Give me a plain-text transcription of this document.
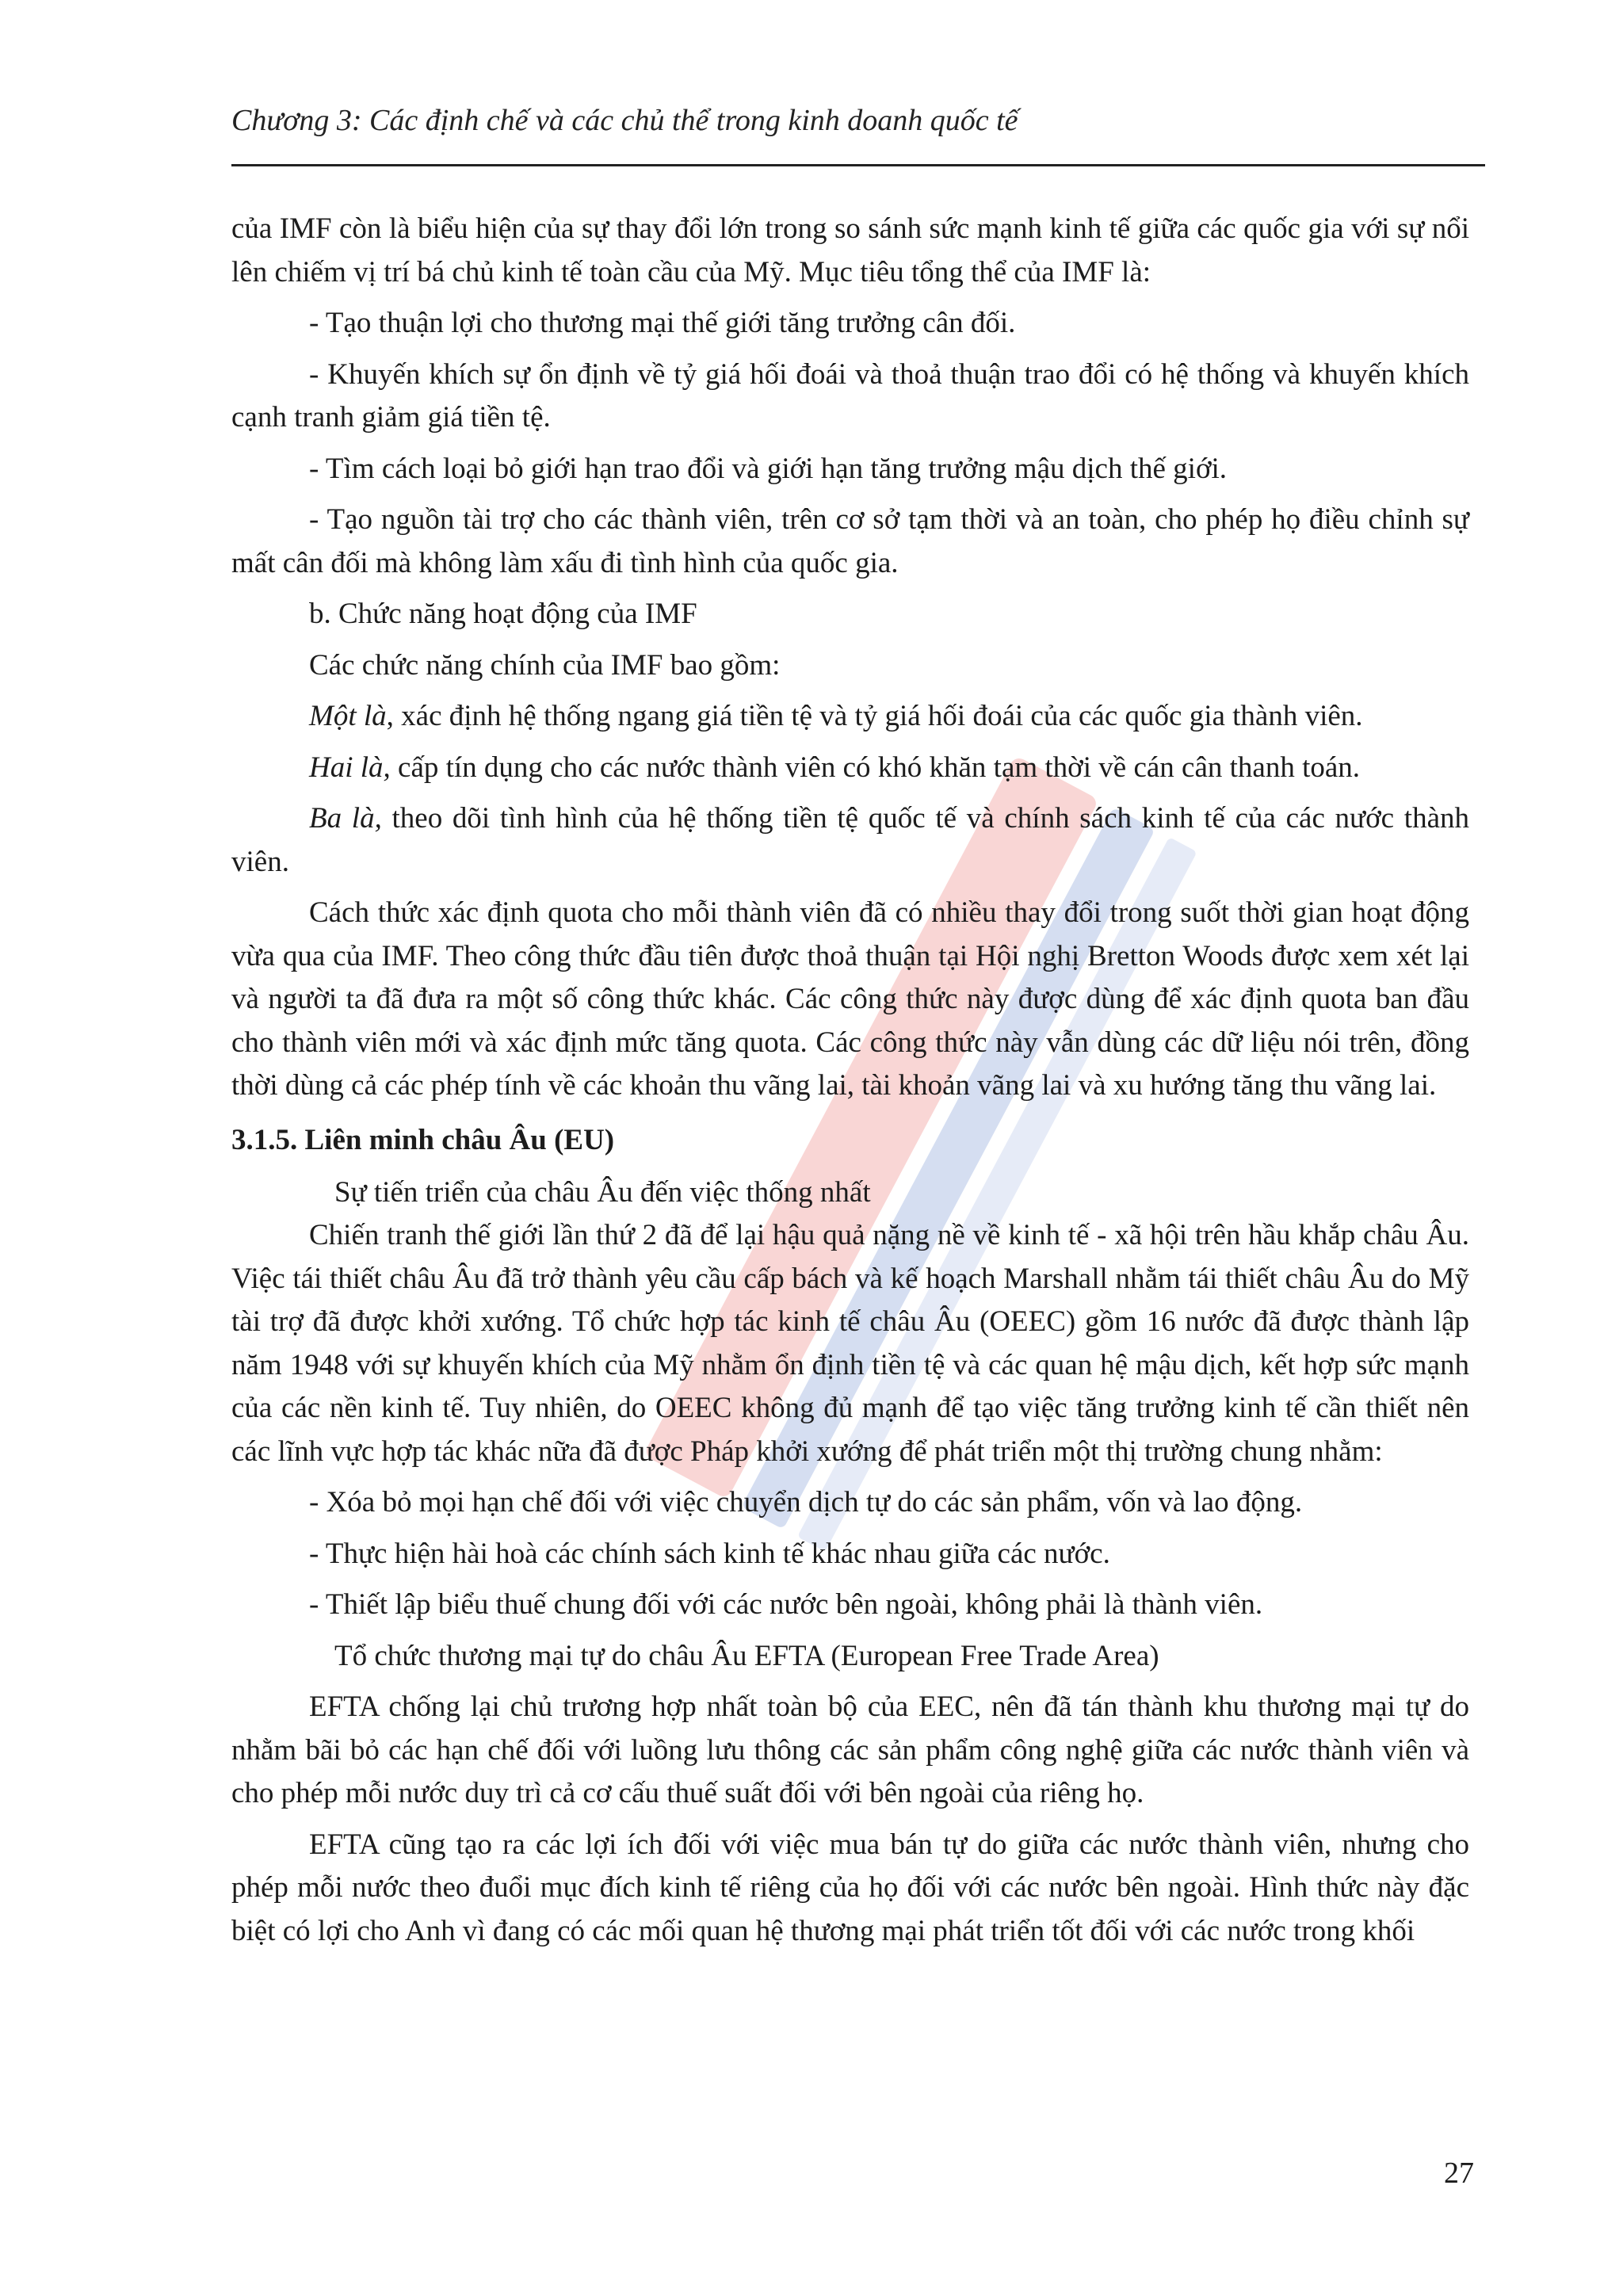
Chương 3: Các định chế và các chủ thể trong kinh doanh quốc tế

của IMF còn là biểu hiện của sự thay đổi lớn trong so sánh sức mạnh kinh tế giữa các quốc gia với sự nổi lên chiếm vị trí bá chủ kinh tế toàn cầu của Mỹ. Mục tiêu tổng thể của IMF là:

- Tạo thuận lợi cho thương mại thế giới tăng trưởng cân đối.

- Khuyến khích sự ổn định về tỷ giá hối đoái và thoả thuận trao đổi có hệ thống và khuyến khích cạnh tranh giảm giá tiền tệ.

- Tìm cách loại bỏ giới hạn trao đổi và giới hạn tăng trưởng mậu dịch thế giới.

- Tạo nguồn tài trợ cho các thành viên, trên cơ sở tạm thời và an toàn, cho phép họ điều chỉnh sự mất cân đối mà không làm xấu đi tình hình của quốc gia.

b. Chức năng hoạt động của IMF

Các chức năng chính của IMF bao gồm:

Một là, xác định hệ thống ngang giá tiền tệ và tỷ giá hối đoái của các quốc gia thành viên.

Hai là, cấp tín dụng cho các nước thành viên có khó khăn tạm thời về cán cân thanh toán.

Ba là, theo dõi tình hình của hệ thống tiền tệ quốc tế và chính sách kinh tế của các nước thành viên.

Cách thức xác định quota cho mỗi thành viên đã có nhiều thay đổi trong suốt thời gian hoạt động vừa qua của IMF. Theo công thức đầu tiên được thoả thuận tại Hội nghị Bretton Woods được xem xét lại và người ta đã đưa ra một số công thức khác. Các công thức này được dùng để xác định quota ban đầu cho thành viên mới và xác định mức tăng quota. Các công thức này vẫn dùng các dữ liệu nói trên, đồng thời dùng cả các phép tính về các khoản thu vãng lai, tài khoản vãng lai và xu hướng tăng thu vãng lai.

3.1.5. Liên minh châu Âu (EU)

Sự tiến triển của châu Âu đến việc thống nhất

Chiến tranh thế giới lần thứ 2 đã để lại hậu quả nặng nề về kinh tế - xã hội trên hầu khắp châu Âu. Việc tái thiết châu Âu đã trở thành yêu cầu cấp bách và kế hoạch Marshall nhằm tái thiết châu Âu do Mỹ tài trợ đã được khởi xướng. Tổ chức hợp tác kinh tế châu Âu (OEEC) gồm 16 nước đã được thành lập năm 1948 với sự khuyến khích của Mỹ nhằm ổn định tiền tệ và các quan hệ mậu dịch, kết hợp sức mạnh của các nền kinh tế. Tuy nhiên, do OEEC không đủ mạnh để tạo việc tăng trưởng kinh tế cần thiết nên các lĩnh vực hợp tác khác nữa đã được Pháp khởi xướng để phát triển một thị trường chung nhằm:

- Xóa bỏ mọi hạn chế đối với việc chuyển dịch tự do các sản phẩm, vốn và lao động.

- Thực hiện hài hoà các chính sách kinh tế khác nhau giữa các nước.

- Thiết lập biểu thuế chung đối với các nước bên ngoài, không phải là thành viên.

Tổ chức thương mại tự do châu Âu EFTA (European Free Trade Area)

EFTA chống lại chủ trương hợp nhất toàn bộ của EEC, nên đã tán thành khu thương mại tự do nhằm bãi bỏ các hạn chế đối với luồng lưu thông các sản phẩm công nghệ giữa các nước thành viên và cho phép mỗi nước duy trì cả cơ cấu thuế suất đối với bên ngoài của riêng họ.

EFTA cũng tạo ra các lợi ích đối với việc mua bán tự do giữa các nước thành viên, nhưng cho phép mỗi nước theo đuổi mục đích kinh tế riêng của họ đối với các nước bên ngoài. Hình thức này đặc biệt có lợi cho Anh vì đang có các mối quan hệ thương mại phát triển tốt đối với các nước trong khối

27
